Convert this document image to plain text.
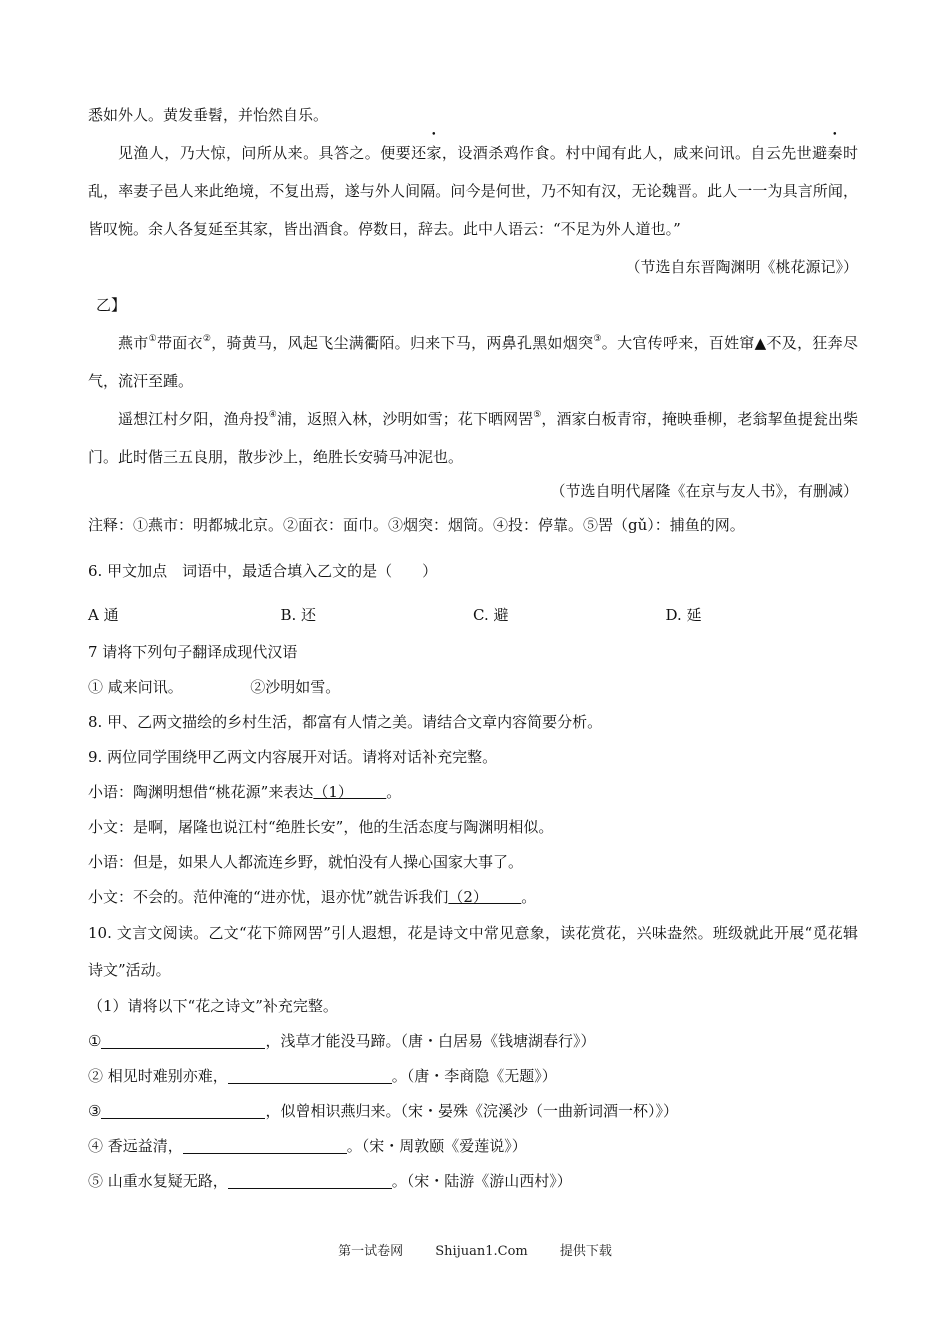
悉如外人。黄发垂髫，并怡然自乐。

见渔人，乃大惊，问所从来。具答之。便要还家，设酒杀鸡作食。村中闻有此人，咸来问讯。自云先世避秦时乱，率妻子邑人来此绝境，不复出焉，遂与外人间隔。问今是何世，乃不知有汉，无论魏晋。此人一一为具言所闻，皆叹惋。余人各复延至其家，皆出酒食。停数日，辞去。此中人语云：“不足为外人道也。”

（节选自东晋陶渊明《桃花源记》）

乙】

燕市①带面衣②，骑黄马，风起飞尘满衢陌。归来下马，两鼻孔黑如烟突③。大官传呼来，百姓窜▲不及，狂奔尽气，流汗至踵。

遥想江村夕阳，渔舟投④浦，返照入林，沙明如雪；花下晒网罟⑤，酒家白板青帘，掩映垂柳，老翁挈鱼提瓮出柴门。此时偕三五良朋，散步沙上，绝胜长安骑马冲泥也。

（节选自明代屠隆《在京与友人书》，有删减）

注释：①燕市：明都城北京。②面衣：面巾。③烟突：烟筒。④投：停靠。⑤罟（gǔ）：捕鱼的网。

6. 甲文加点　词语中，最适合填入乙文的是（　　）

A 通	B. 还	C. 避	D. 延

7 请将下列句子翻译成现代汉语

① 咸来问讯。　　　　　②沙明如雪。

8. 甲、乙两文描绘的乡村生活，都富有人情之美。请结合文章内容简要分析。

9. 两位同学围绕甲乙两文内容展开对话。请将对话补充完整。

小语：陶渊明想借“桃花源”来表达（1）       。

小文：是啊，屠隆也说江村“绝胜长安”，他的生活态度与陶渊明相似。

小语：但是，如果人人都流连乡野，就怕没有人操心国家大事了。

小文：不会的。范仲淹的“进亦忧，退亦忧”就告诉我们（2）       。

10. 文言文阅读。乙文“花下筛网罟”引人遐想，花是诗文中常见意象，读花赏花，兴味盎然。班级就此开展“觅花辑诗文”活动。

（1）请将以下“花之诗文”补充完整。

①	，浅草才能没马蹄。（唐・白居易《钱塘湖春行》）

② 相见时难别亦难，	。（唐・李商隐《无题》）

③	，似曾相识燕归来。（宋・晏殊《浣溪沙（一曲新词酒一杯）》）

④ 香远益清，	。（宋・周敦颐《爱莲说》）

⑤ 山重水复疑无路，	。（宋・陆游《游山西村》）

第一试卷网 Shijuan1.Com 提供下载
